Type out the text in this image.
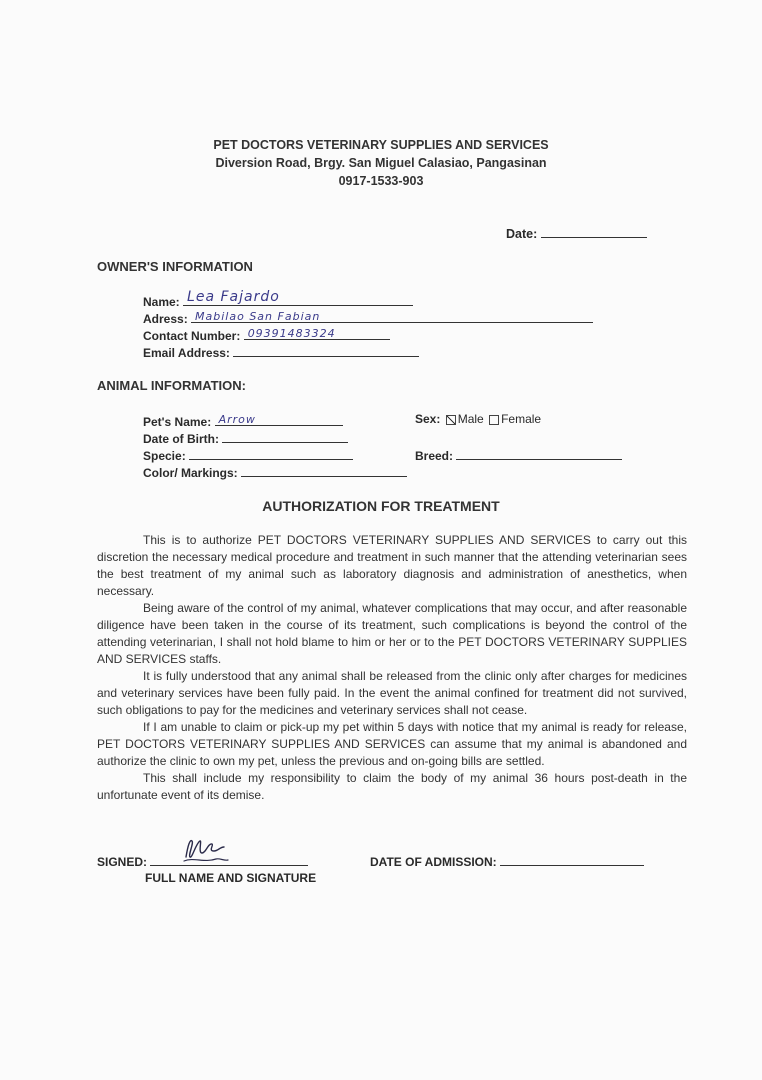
PET DOCTORS VETERINARY SUPPLIES AND SERVICES
Diversion Road, Brgy. San Miguel Calasiao, Pangasinan
0917-1533-903
Date:
OWNER'S INFORMATION
Name: Lea Fajardo
Adress: Mabilao San Fabian
Contact Number: 09391483324
Email Address:
ANIMAL INFORMATION:
Pet's Name: Arrow
Date of Birth:
Specie:
Color/ Markings:
Sex: Male Female
Breed:
AUTHORIZATION FOR TREATMENT

This is to authorize PET DOCTORS VETERINARY SUPPLIES AND SERVICES to carry out this discretion the necessary medical procedure and treatment in such manner that the attending veterinarian sees the best treatment of my animal such as laboratory diagnosis and administration of anesthetics, when necessary.

Being aware of the control of my animal, whatever complications that may occur, and after reasonable diligence have been taken in the course of its treatment, such complications is beyond the control of the attending veterinarian, I shall not hold blame to him or her or to the PET DOCTORS VETERINARY SUPPLIES AND SERVICES staffs.

It is fully understood that any animal shall be released from the clinic only after charges for medicines and veterinary services have been fully paid. In the event the animal confined for treatment did not survived, such obligations to pay for the medicines and veterinary services shall not cease.

If I am unable to claim or pick-up my pet within 5 days with notice that my animal is ready for release, PET DOCTORS VETERINARY SUPPLIES AND SERVICES can assume that my animal is abandoned and authorize the clinic to own my pet, unless the previous and on-going bills are settled.

This shall include my responsibility to claim the body of my animal 36 hours post-death in the unfortunate event of its demise.

SIGNED:
FULL NAME AND SIGNATURE
DATE OF ADMISSION:
